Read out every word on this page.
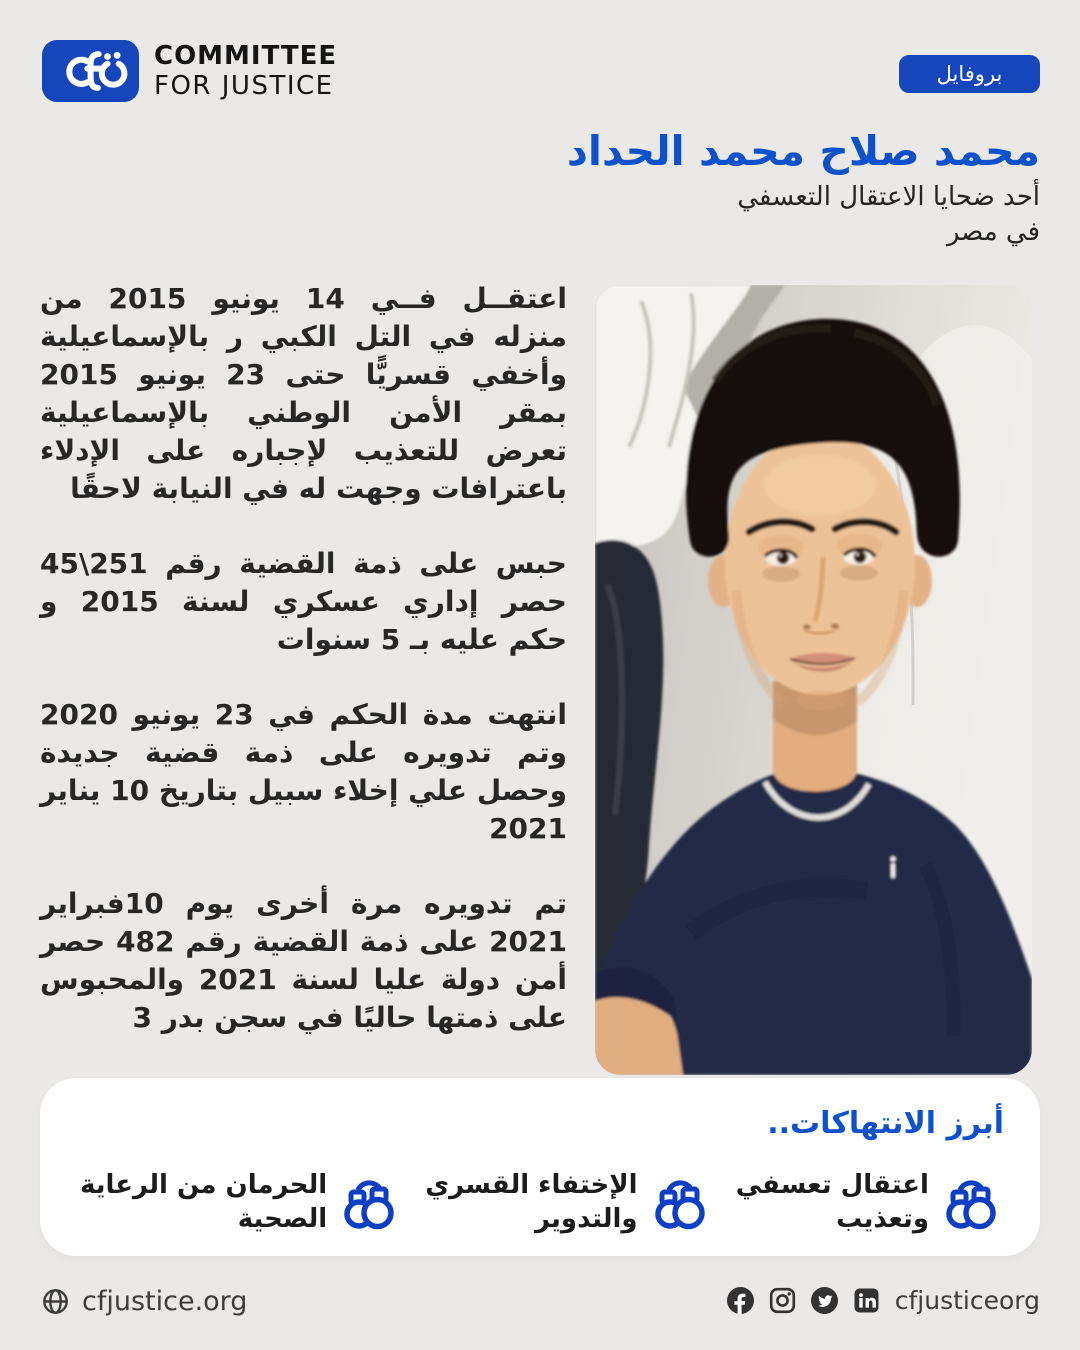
COMMITTEE
FOR JUSTICE	بروفايل
محمد صلاح محمد الحداد
أحد ضحايا الاعتقال التعسفي
في مصر

اعتقــل فــي 14 يونيو 2015 من منزله في التل الكبي ر بالإسماعيلية وأخفي قسريًّا حتى 23 يونيو 2015 بمقر الأمن الوطني بالإسماعيلية تعرض للتعذيب لإجباره على الإدلاء باعترافات وجهت له في النيابة لاحقًا

حبس على ذمة القضية رقم 251\45 حصر إداري عسكري لسنة 2015 و حكم عليه بـ 5 سنوات

انتهت مدة الحكم في 23 يونيو 2020 وتم تدويره على ذمة قضية جديدة وحصل علي إخلاء سبيل بتاريخ 10 يناير 2021

تم تدويره مرة أخرى يوم 10فبراير 2021 على ذمة القضية رقم 482 حصر أمن دولة عليا لسنة 2021 والمحبوس على ذمتها حاليًا في سجن بدر 3

أبرز الانتهاكات..
اعتقال تعسفي
وتعذيب
الإختفاء القسري
والتدوير
الحرمان من الرعاية
الصحية
cfjustice.org	cfjusticeorg
